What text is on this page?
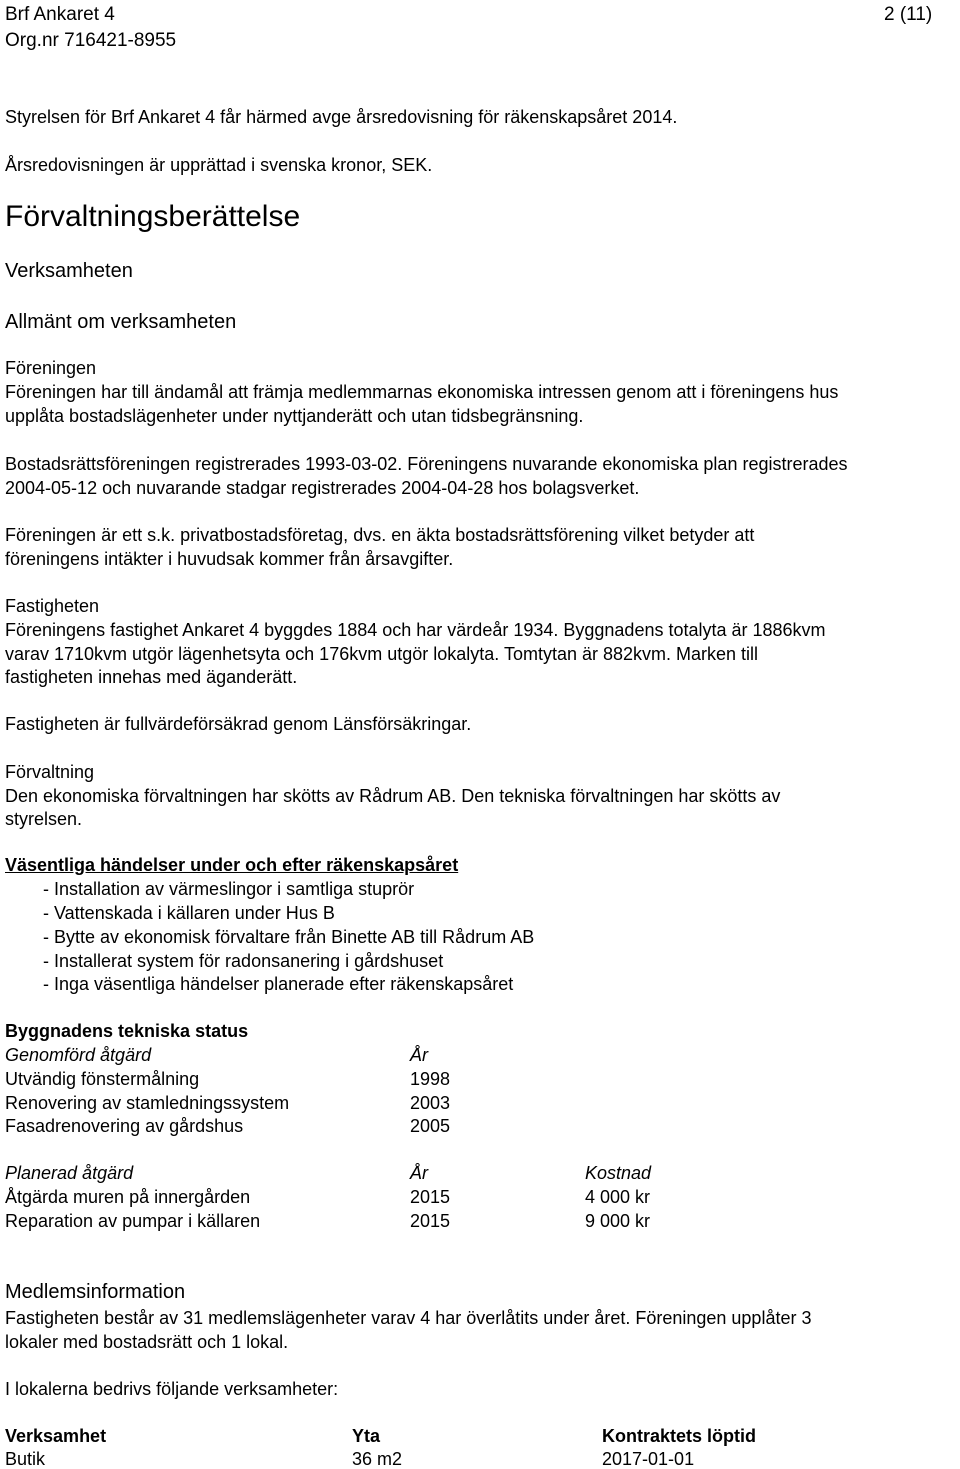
Brf Ankaret 4
Org.nr 716421-8955
2 (11)
Styrelsen för Brf Ankaret 4 får härmed avge årsredovisning för räkenskapsåret 2014.
Årsredovisningen är upprättad i svenska kronor, SEK.
Förvaltningsberättelse
Verksamheten
Allmänt om verksamheten
Föreningen
Föreningen har till ändamål att främja medlemmarnas ekonomiska intressen genom att i föreningens hus
upplåta bostadslägenheter under nyttjanderätt och utan tidsbegränsning.
Bostadsrättsföreningen registrerades 1993-03-02. Föreningens nuvarande ekonomiska plan registrerades
2004-05-12 och nuvarande stadgar registrerades 2004-04-28 hos bolagsverket.
Föreningen är ett s.k. privatbostadsföretag, dvs. en äkta bostadsrättsförening vilket betyder att
föreningens intäkter i huvudsak kommer från årsavgifter.
Fastigheten
Föreningens fastighet Ankaret 4 byggdes 1884 och har värdeår 1934. Byggnadens totalyta är 1886kvm
varav 1710kvm utgör lägenhetsyta och 176kvm utgör lokalyta. Tomtytan är 882kvm. Marken till
fastigheten innehas med äganderätt.
Fastigheten är fullvärdeförsäkrad genom Länsförsäkringar.
Förvaltning
Den ekonomiska förvaltningen har skötts av Rådrum AB. Den tekniska förvaltningen har skötts av
styrelsen.
Väsentliga händelser under och efter räkenskapsåret
- Installation av värmeslingor i samtliga stuprör
- Vattenskada i källaren under Hus B
- Bytte av ekonomisk förvaltare från Binette AB till Rådrum AB
- Installerat system för radonsanering i gårdshuset
- Inga väsentliga händelser planerade efter räkenskapsåret
Byggnadens tekniska status
Genomförd åtgärd	År
Utvändig fönstermålning	1998
Renovering av stamledningssystem	2003
Fasadrenovering av gårdshus	2005
Planerad åtgärd	År	Kostnad
Åtgärda muren på innergården	2015	4 000 kr
Reparation av pumpar i källaren	2015	9 000 kr
Medlemsinformation
Fastigheten består av 31 medlemslägenheter varav 4 har överlåtits under året. Föreningen upplåter 3
lokaler med bostadsrätt och 1 lokal.
I lokalerna bedrivs följande verksamheter:
Verksamhet	Yta	Kontraktets löptid
Butik	36 m2	2017-01-01
